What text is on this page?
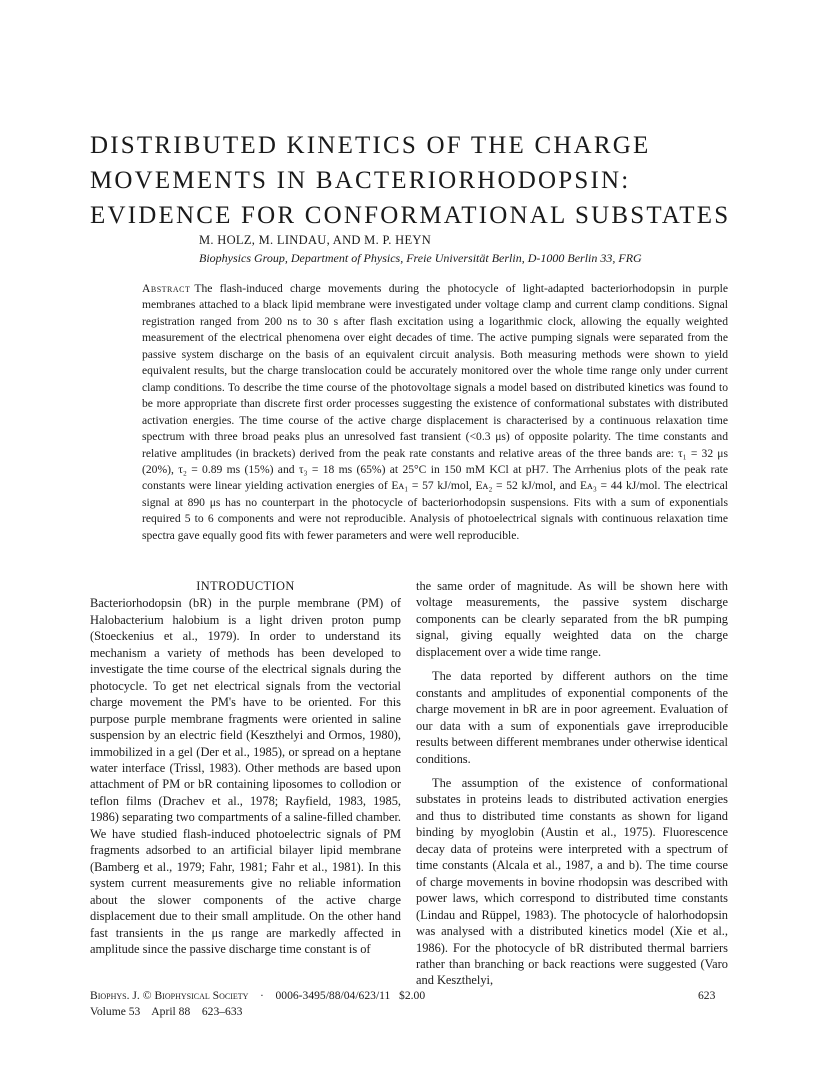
DISTRIBUTED KINETICS OF THE CHARGE MOVEMENTS IN BACTERIORHODOPSIN: EVIDENCE FOR CONFORMATIONAL SUBSTATES
M. HOLZ, M. LINDAU, AND M. P. HEYN
Biophysics Group, Department of Physics, Freie Universität Berlin, D-1000 Berlin 33, FRG

Abstract The flash-induced charge movements during the photocycle of light-adapted bacteriorhodopsin in purple membranes attached to a black lipid membrane were investigated under voltage clamp and current clamp conditions. Signal registration ranged from 200 ns to 30 s after flash excitation using a logarithmic clock, allowing the equally weighted measurement of the electrical phenomena over eight decades of time. The active pumping signals were separated from the passive system discharge on the basis of an equivalent circuit analysis. Both measuring methods were shown to yield equivalent results, but the charge translocation could be accurately monitored over the whole time range only under current clamp conditions. To describe the time course of the photovoltage signals a model based on distributed kinetics was found to be more appropriate than discrete first order processes suggesting the existence of conformational substates with distributed activation energies. The time course of the active charge displacement is characterised by a continuous relaxation time spectrum with three broad peaks plus an unresolved fast transient (<0.3 μs) of opposite polarity. The time constants and relative amplitudes (in brackets) derived from the peak rate constants and relative areas of the three bands are: τ₁ = 32 μs (20%), τ₂ = 0.89 ms (15%) and τ₃ = 18 ms (65%) at 25°C in 150 mM KCl at pH7. The Arrhenius plots of the peak rate constants were linear yielding activation energies of Eᴀ₁ = 57 kJ/mol, Eᴀ₂ = 52 kJ/mol, and Eᴀ₃ = 44 kJ/mol. The electrical signal at 890 μs has no counterpart in the photocycle of bacteriorhodopsin suspensions. Fits with a sum of exponentials required 5 to 6 components and were not reproducible. Analysis of photoelectrical signals with continuous relaxation time spectra gave equally good fits with fewer parameters and were well reproducible.

INTRODUCTION

Bacteriorhodopsin (bR) in the purple membrane (PM) of Halobacterium halobium is a light driven proton pump (Stoeckenius et al., 1979). In order to understand its mechanism a variety of methods has been developed to investigate the time course of the electrical signals during the photocycle. To get net electrical signals from the vectorial charge movement the PM's have to be oriented. For this purpose purple membrane fragments were oriented in saline suspension by an electric field (Keszthelyi and Ormos, 1980), immobilized in a gel (Der et al., 1985), or spread on a heptane water interface (Trissl, 1983). Other methods are based upon attachment of PM or bR containing liposomes to collodion or teflon films (Drachev et al., 1978; Rayfield, 1983, 1985, 1986) separating two compartments of a saline-filled chamber. We have studied flash-induced photoelectric signals of PM fragments adsorbed to an artificial bilayer lipid membrane (Bamberg et al., 1979; Fahr, 1981; Fahr et al., 1981). In this system current measurements give no reliable information about the slower components of the active charge displacement due to their small amplitude. On the other hand fast transients in the μs range are markedly affected in amplitude since the passive discharge time constant is of

the same order of magnitude. As will be shown here with voltage measurements, the passive system discharge components can be clearly separated from the bR pumping signal, giving equally weighted data on the charge displacement over a wide time range.

The data reported by different authors on the time constants and amplitudes of exponential components of the charge movement in bR are in poor agreement. Evaluation of our data with a sum of exponentials gave irreproducible results between different membranes under otherwise identical conditions.

The assumption of the existence of conformational substates in proteins leads to distributed activation energies and thus to distributed time constants as shown for ligand binding by myoglobin (Austin et al., 1975). Fluorescence decay data of proteins were interpreted with a spectrum of time constants (Alcala et al., 1987, a and b). The time course of charge movements in bovine rhodopsin was described with power laws, which correspond to distributed time constants (Lindau and Rüppel, 1983). The photocycle of halorhodopsin was analysed with a distributed kinetics model (Xie et al., 1986). For the photocycle of bR distributed thermal barriers rather than branching or back reactions were suggested (Varo and Keszthelyi,

Biophys. J. © Biophysical Society · 0006-3495/88/04/623/11 $2.00
Volume 53    April 88    623–633
623
